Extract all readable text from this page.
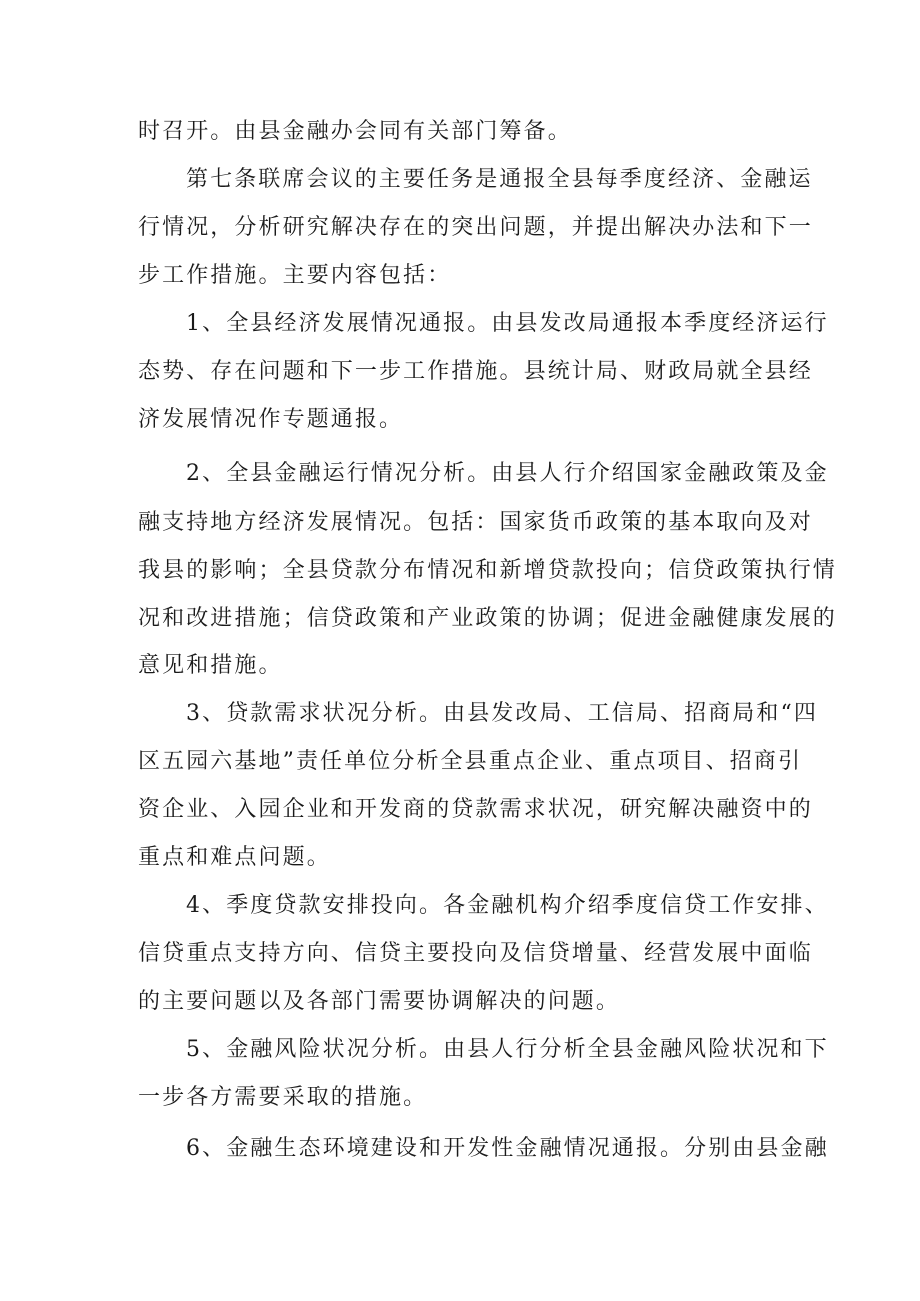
时召开。由县金融办会同有关部门筹备。
第七条联席会议的主要任务是通报全县每季度经济、金融运
行情况，分析研究解决存在的突出问题，并提出解决办法和下一
步工作措施。主要内容包括：
1、全县经济发展情况通报。由县发改局通报本季度经济运行
态势、存在问题和下一步工作措施。县统计局、财政局就全县经
济发展情况作专题通报。
2、全县金融运行情况分析。由县人行介绍国家金融政策及金
融支持地方经济发展情况。包括：国家货币政策的基本取向及对
我县的影响；全县贷款分布情况和新增贷款投向；信贷政策执行情
况和改进措施；信贷政策和产业政策的协调；促进金融健康发展的
意见和措施。
3、贷款需求状况分析。由县发改局、工信局、招商局和“四
区五园六基地”责任单位分析全县重点企业、重点项目、招商引
资企业、入园企业和开发商的贷款需求状况，研究解决融资中的
重点和难点问题。
4、季度贷款安排投向。各金融机构介绍季度信贷工作安排、
信贷重点支持方向、信贷主要投向及信贷增量、经营发展中面临
的主要问题以及各部门需要协调解决的问题。
5、金融风险状况分析。由县人行分析全县金融风险状况和下
一步各方需要采取的措施。
6、金融生态环境建设和开发性金融情况通报。分别由县金融
